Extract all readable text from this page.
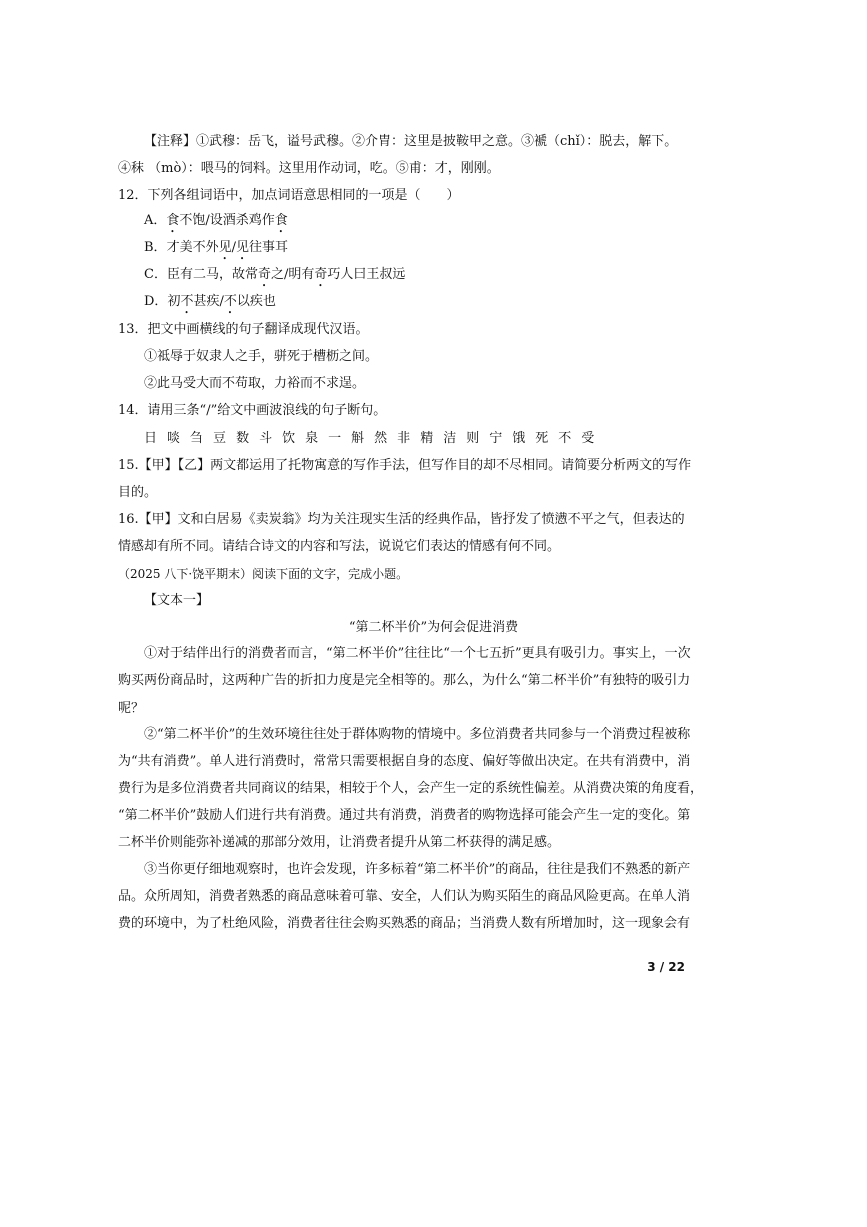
【注释】①武穆：岳飞，谥号武穆。②介胄：这里是披鞍甲之意。③褫（chǐ）：脱去，解下。
④秣 （mò）：喂马的饲料。这里用作动词，吃。⑤甫：才，刚刚。
12．下列各组词语中，加点词语意思相同的一项是（　　）
A．食不饱/设酒杀鸡作食
B．才美不外见/见往事耳
C．臣有二马，故常奇之/明有奇巧人曰王叔远
D．初不甚疾/不以疾也
13．把文中画横线的句子翻译成现代汉语。
①祗辱于奴隶人之手，骈死于槽枥之间。
②此马受大而不苟取，力裕而不求逞。
14．请用三条“/”给文中画波浪线的句子断句。
日 啖 刍 豆 数 斗 饮 泉 一 斛 然 非 精 洁 则 宁 饿 死 不 受
15.【甲】【乙】两文都运用了托物寓意的写作手法，但写作目的却不尽相同。请简要分析两文的写作
目的。
16.【甲】文和白居易《卖炭翁》均为关注现实生活的经典作品，皆抒发了愤懑不平之气，但表达的
情感却有所不同。请结合诗文的内容和写法，说说它们表达的情感有何不同。
（2025 八下·饶平期末）阅读下面的文字，完成小题。
【文本一】
“第二杯半价”为何会促进消费
①对于结伴出行的消费者而言，“第二杯半价”往往比“一个七五折”更具有吸引力。事实上，一次
购买两份商品时，这两种广告的折扣力度是完全相等的。那么，为什么“第二杯半价”有独特的吸引力
呢？
②“第二杯半价”的生效环境往往处于群体购物的情境中。多位消费者共同参与一个消费过程被称
为“共有消费”。单人进行消费时，常常只需要根据自身的态度、偏好等做出决定。在共有消费中，消
费行为是多位消费者共同商议的结果，相较于个人，会产生一定的系统性偏差。从消费决策的角度看，
“第二杯半价”鼓励人们进行共有消费。通过共有消费，消费者的购物选择可能会产生一定的变化。第
二杯半价则能弥补递减的那部分效用，让消费者提升从第二杯获得的满足感。
③当你更仔细地观察时，也许会发现，许多标着“第二杯半价”的商品，往往是我们不熟悉的新产
品。众所周知，消费者熟悉的商品意味着可靠、安全，人们认为购买陌生的商品风险更高。在单人消
费的环境中，为了杜绝风险，消费者往往会购买熟悉的商品；当消费人数有所增加时，这一现象会有
3 / 22
